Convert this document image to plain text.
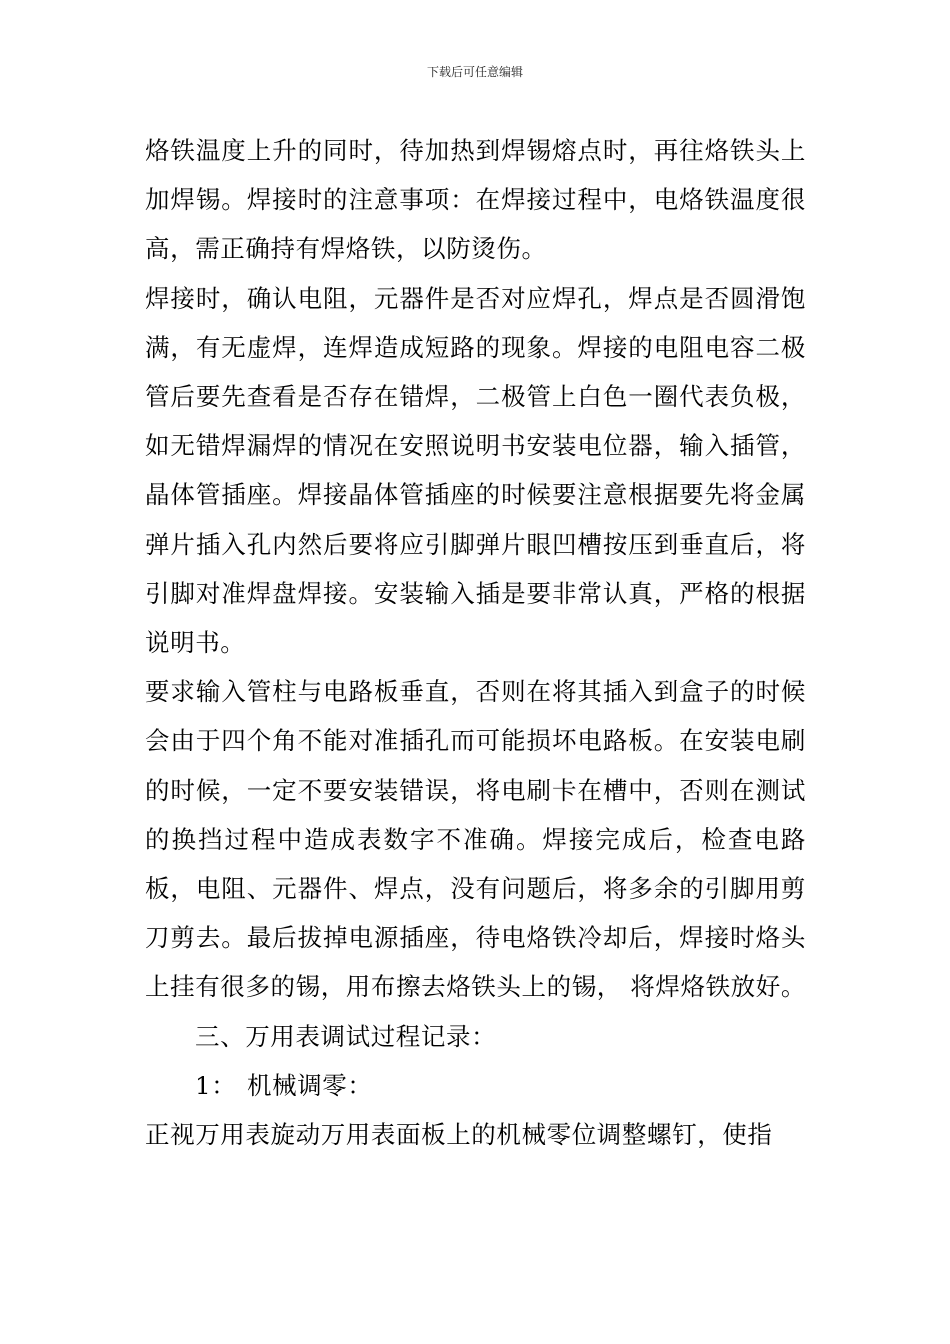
下载后可任意编辑

烙铁温度上升的同时，待加热到焊锡熔点时，再往烙铁头上加焊锡。焊接时的注意事项：在焊接过程中，电烙铁温度很高，需正确持有焊烙铁，以防烫伤。

焊接时，确认电阻，元器件是否对应焊孔，焊点是否圆滑饱满，有无虚焊，连焊造成短路的现象。焊接的电阻电容二极管后要先查看是否存在错焊，二极管上白色一圈代表负极，如无错焊漏焊的情况在安照说明书安装电位器，输入插管，晶体管插座。焊接晶体管插座的时候要注意根据要先将金属弹片插入孔内然后要将应引脚弹片眼凹槽按压到垂直后，将引脚对准焊盘焊接。安装输入插是要非常认真，严格的根据说明书。

要求输入管柱与电路板垂直，否则在将其插入到盒子的时候会由于四个角不能对准插孔而可能损坏电路板。在安装电刷的时候，一定不要安装错误，将电刷卡在槽中，否则在测试的换挡过程中造成表数字不准确。焊接完成后，检查电路板，电阻、元器件、焊点，没有问题后，将多余的引脚用剪刀剪去。最后拔掉电源插座，待电烙铁冷却后，焊接时烙头上挂有很多的锡，用布擦去烙铁头上的锡， 将焊烙铁放好。

三、万用表调试过程记录：

1： 机械调零：

正视万用表旋动万用表面板上的机械零位调整螺钉，使指
